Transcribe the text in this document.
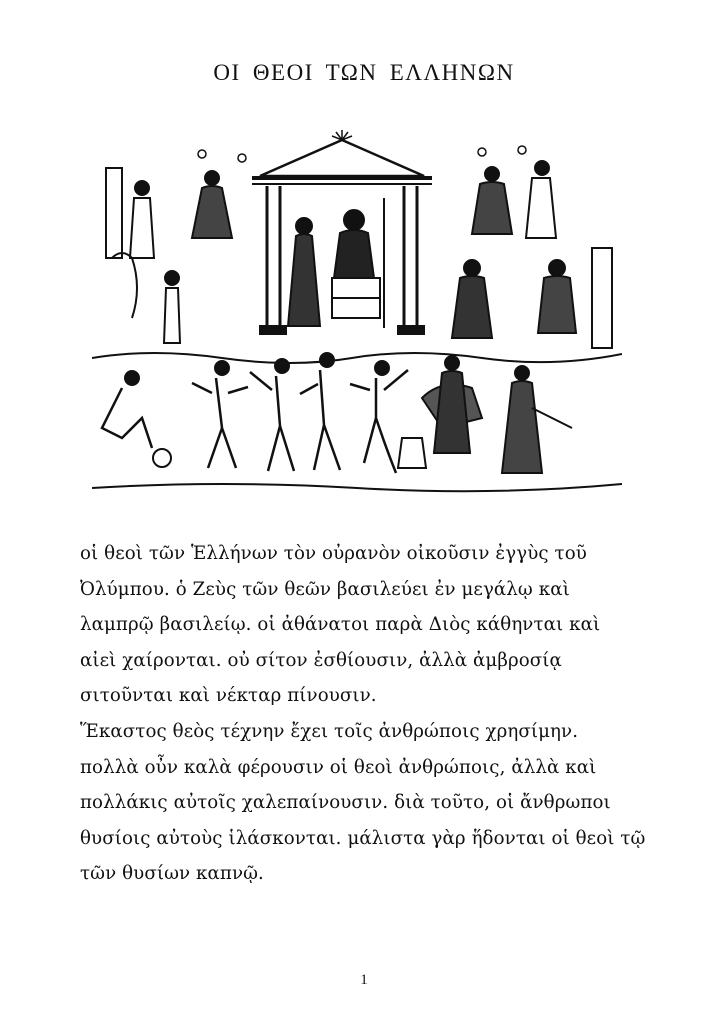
ΟΙ ΘΕΟΙ ΤΩΝ ΕΛΛΗΝΩΝ
οἱ θεοὶ τῶν Ἑλλήνων τὸν οὐρανὸν οἰκοῦσιν ἐγγὺς τοῦ
Ὀλύμπου. ὁ Ζεὺς τῶν θεῶν βασιλεύει ἐν μεγάλῳ καὶ
λαμπρῷ βασιλείῳ. οἱ ἀθάνατοι παρὰ Διὸς κάθηνται καὶ
αἰεὶ χαίρονται. οὐ σίτον ἐσθίουσιν, ἀλλὰ ἀμβροσίᾳ
σιτοῦνται καὶ νέκταρ πίνουσιν.
Ἕκαστος θεὸς τέχνην ἔχει τοῖς ἀνθρώποις χρησίμην.
πολλὰ οὖν καλὰ φέρουσιν οἱ θεοὶ ἀνθρώποις, ἀλλὰ καὶ
πολλάκις αὐτοῖς χαλεπαίνουσιν. διὰ τοῦτο, οἱ ἄνθρωποι
θυσίοις αὐτοὺς ἱλάσκονται. μάλιστα γὰρ ἥδονται οἱ θεοὶ τῷ
τῶν θυσίων καπνῷ.
1
